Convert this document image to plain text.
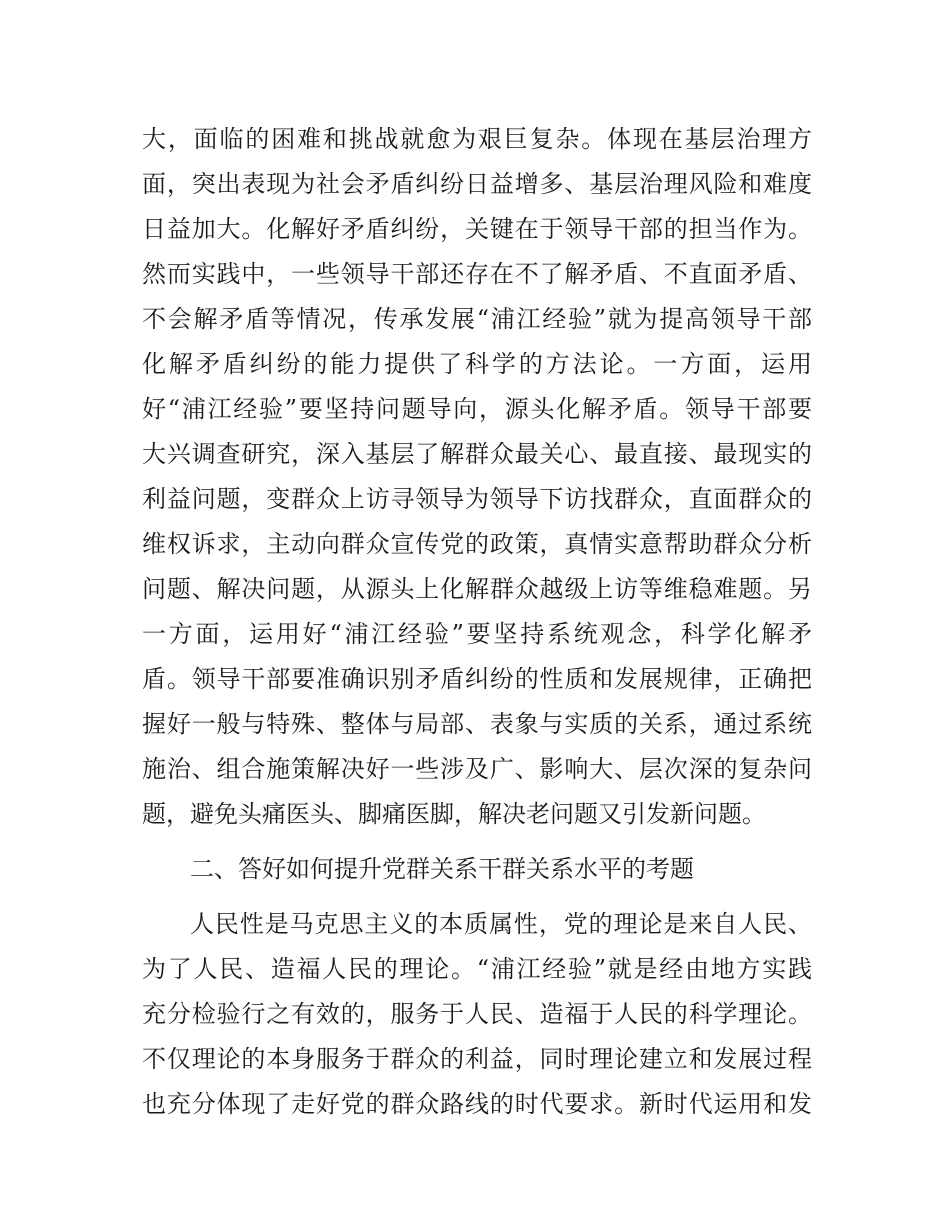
大，面临的困难和挑战就愈为艰巨复杂。体现在基层治理方
面，突出表现为社会矛盾纠纷日益增多、基层治理风险和难度
日益加大。化解好矛盾纠纷，关键在于领导干部的担当作为。
然而实践中，一些领导干部还存在不了解矛盾、不直面矛盾、
不会解矛盾等情况，传承发展“浦江经验”就为提高领导干部
化解矛盾纠纷的能力提供了科学的方法论。一方面，运用
好“浦江经验”要坚持问题导向，源头化解矛盾。领导干部要
大兴调查研究，深入基层了解群众最关心、最直接、最现实的
利益问题，变群众上访寻领导为领导下访找群众，直面群众的
维权诉求，主动向群众宣传党的政策，真情实意帮助群众分析
问题、解决问题，从源头上化解群众越级上访等维稳难题。另
一方面，运用好“浦江经验”要坚持系统观念，科学化解矛
盾。领导干部要准确识别矛盾纠纷的性质和发展规律，正确把
握好一般与特殊、整体与局部、表象与实质的关系，通过系统
施治、组合施策解决好一些涉及广、影响大、层次深的复杂问
题，避免头痛医头、脚痛医脚，解决老问题又引发新问题。
二、答好如何提升党群关系干群关系水平的考题
人民性是马克思主义的本质属性，党的理论是来自人民、
为了人民、造福人民的理论。“浦江经验”就是经由地方实践
充分检验行之有效的，服务于人民、造福于人民的科学理论。
不仅理论的本身服务于群众的利益，同时理论建立和发展过程
也充分体现了走好党的群众路线的时代要求。新时代运用和发
